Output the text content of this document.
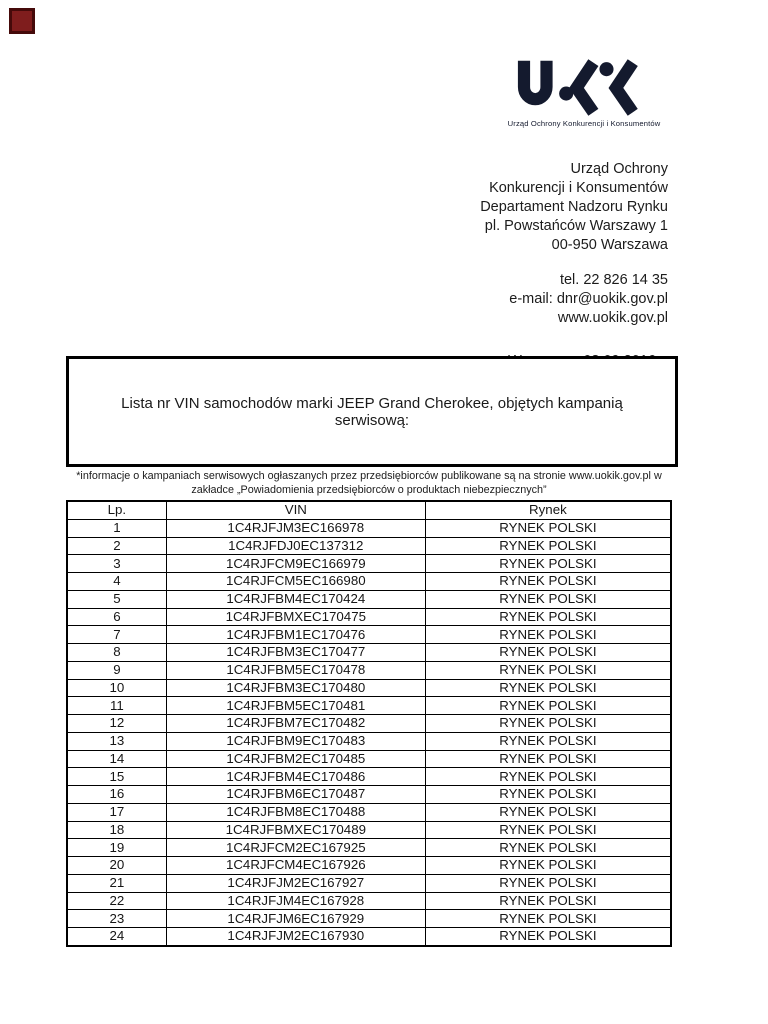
Urząd Ochrony Konkurencji i Konsumentów
Urząd Ochrony
Konkurencji i Konsumentów
Departament Nadzoru Rynku
pl. Powstańców Warszawy 1
00-950 Warszawa
tel. 22 826 14 35
e-mail: dnr@uokik.gov.pl
www.uokik.gov.pl
Lista nr VIN samochodów marki JEEP Grand Cherokee, objętych kampanią serwisową:
*informacje o kampaniach serwisowych ogłaszanych przez przedsiębiorców publikowane są na stronie www.uokik.gov.pl w
zakładce „Powiadomienia przedsiębiorców o produktach niebezpiecznych”
Lp.	VIN	Rynek
1	1C4RJFJM3EC166978	RYNEK POLSKI
2	1C4RJFDJ0EC137312	RYNEK POLSKI
3	1C4RJFCM9EC166979	RYNEK POLSKI
4	1C4RJFCM5EC166980	RYNEK POLSKI
5	1C4RJFBM4EC170424	RYNEK POLSKI
6	1C4RJFBMXEC170475	RYNEK POLSKI
7	1C4RJFBM1EC170476	RYNEK POLSKI
8	1C4RJFBM3EC170477	RYNEK POLSKI
9	1C4RJFBM5EC170478	RYNEK POLSKI
10	1C4RJFBM3EC170480	RYNEK POLSKI
11	1C4RJFBM5EC170481	RYNEK POLSKI
12	1C4RJFBM7EC170482	RYNEK POLSKI
13	1C4RJFBM9EC170483	RYNEK POLSKI
14	1C4RJFBM2EC170485	RYNEK POLSKI
15	1C4RJFBM4EC170486	RYNEK POLSKI
16	1C4RJFBM6EC170487	RYNEK POLSKI
17	1C4RJFBM8EC170488	RYNEK POLSKI
18	1C4RJFBMXEC170489	RYNEK POLSKI
19	1C4RJFCM2EC167925	RYNEK POLSKI
20	1C4RJFCM4EC167926	RYNEK POLSKI
21	1C4RJFJM2EC167927	RYNEK POLSKI
22	1C4RJFJM4EC167928	RYNEK POLSKI
23	1C4RJFJM6EC167929	RYNEK POLSKI
24	1C4RJFJM2EC167930	RYNEK POLSKI
